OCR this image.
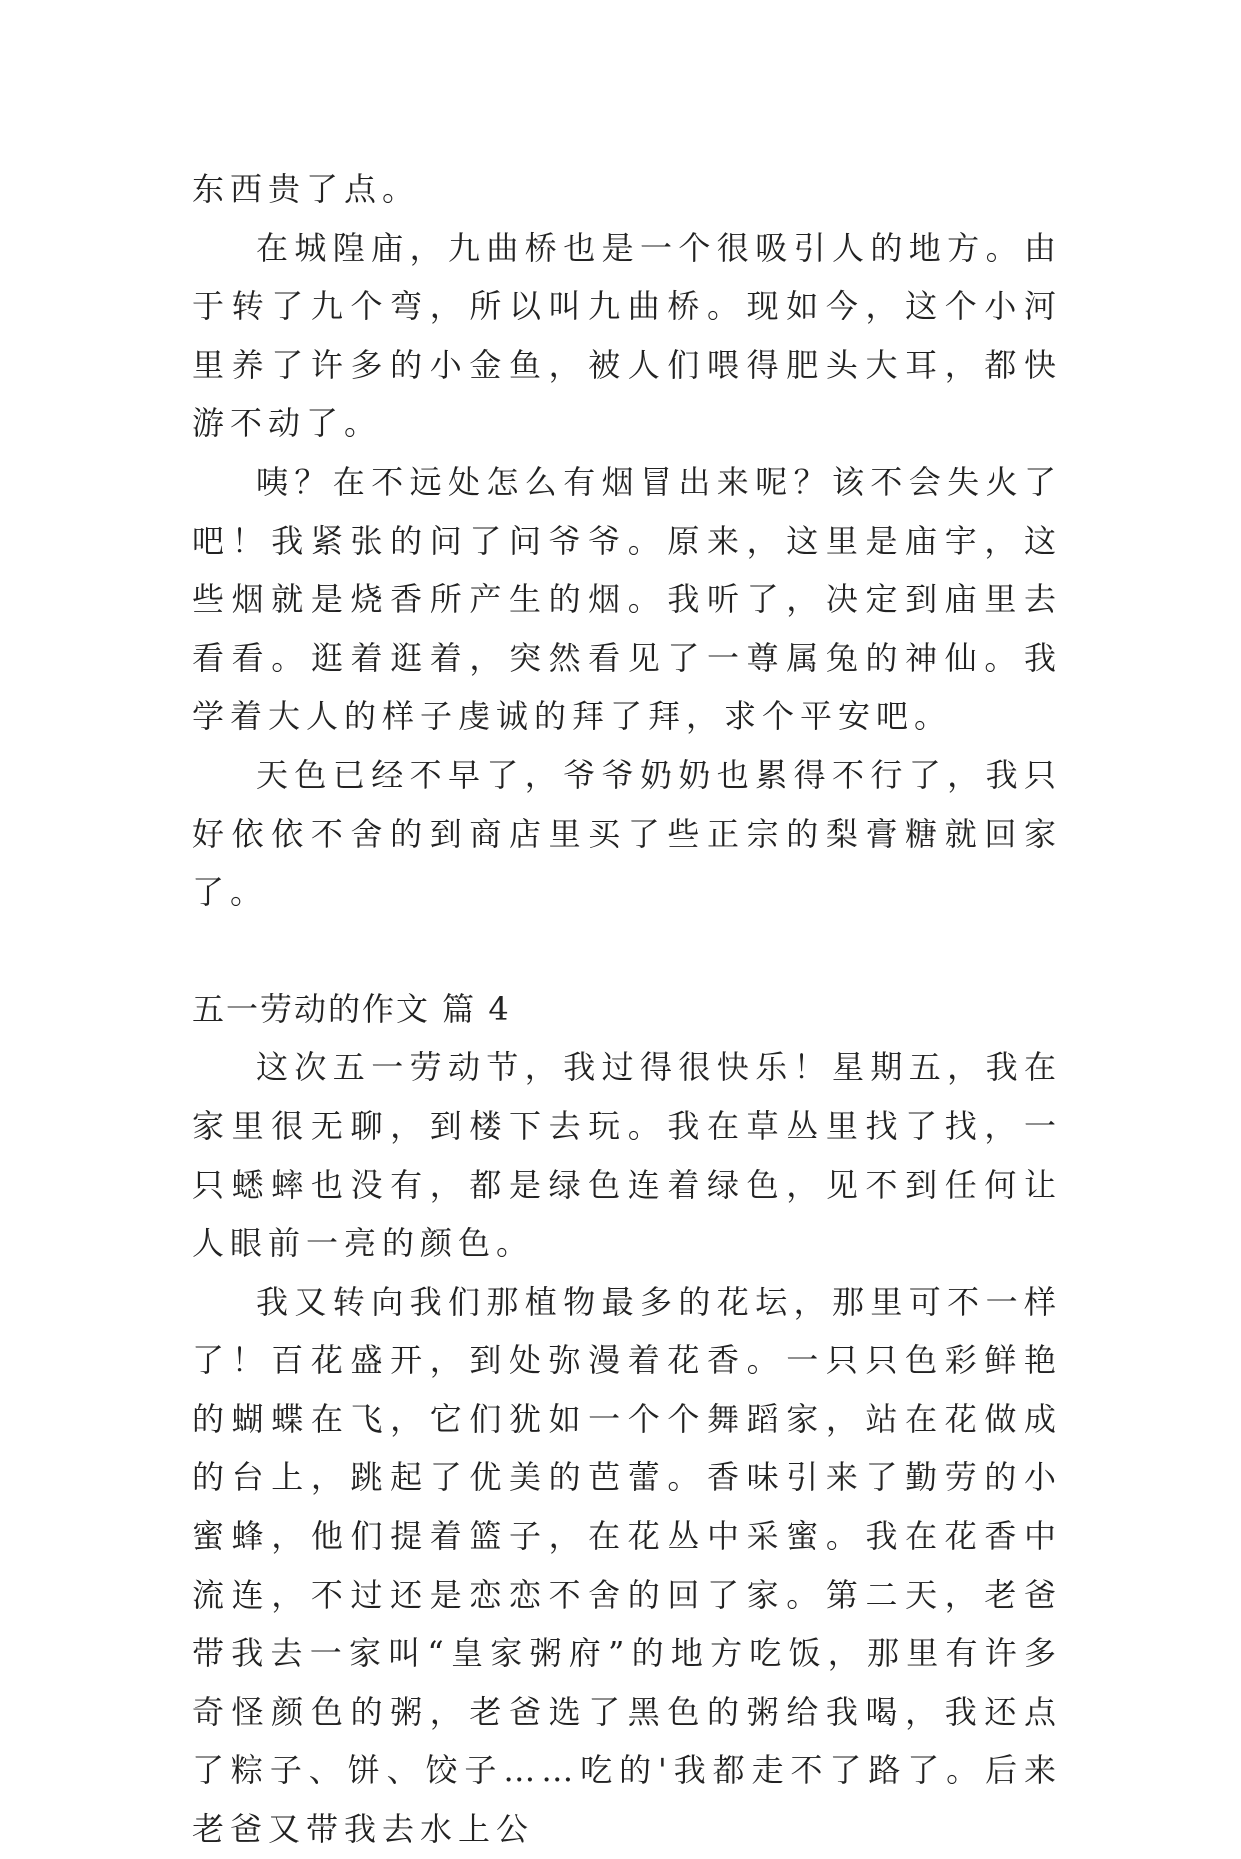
东西贵了点。

在城隍庙，九曲桥也是一个很吸引人的地方。由于转了九个弯，所以叫九曲桥。现如今，这个小河里养了许多的小金鱼，被人们喂得肥头大耳，都快游不动了。

咦？在不远处怎么有烟冒出来呢？该不会失火了吧！我紧张的问了问爷爷。原来，这里是庙宇，这些烟就是烧香所产生的烟。我听了，决定到庙里去看看。逛着逛着，突然看见了一尊属兔的神仙。我学着大人的样子虔诚的拜了拜，求个平安吧。

天色已经不早了，爷爷奶奶也累得不行了，我只好依依不舍的到商店里买了些正宗的梨膏糖就回家了。

五一劳动的作文 篇 4

这次五一劳动节，我过得很快乐！星期五，我在家里很无聊，到楼下去玩。我在草丛里找了找，一只蟋蟀也没有，都是绿色连着绿色，见不到任何让人眼前一亮的颜色。

我又转向我们那植物最多的花坛，那里可不一样了！百花盛开，到处弥漫着花香。一只只色彩鲜艳的蝴蝶在飞，它们犹如一个个舞蹈家，站在花做成的台上，跳起了优美的芭蕾。香味引来了勤劳的小蜜蜂，他们提着篮子，在花丛中采蜜。我在花香中流连，不过还是恋恋不舍的回了家。第二天，老爸带我去一家叫“皇家粥府”的地方吃饭，那里有许多奇怪颜色的粥，老爸选了黑色的粥给我喝，我还点了粽子、饼、饺子……吃的'我都走不了路了。后来老爸又带我去水上公
